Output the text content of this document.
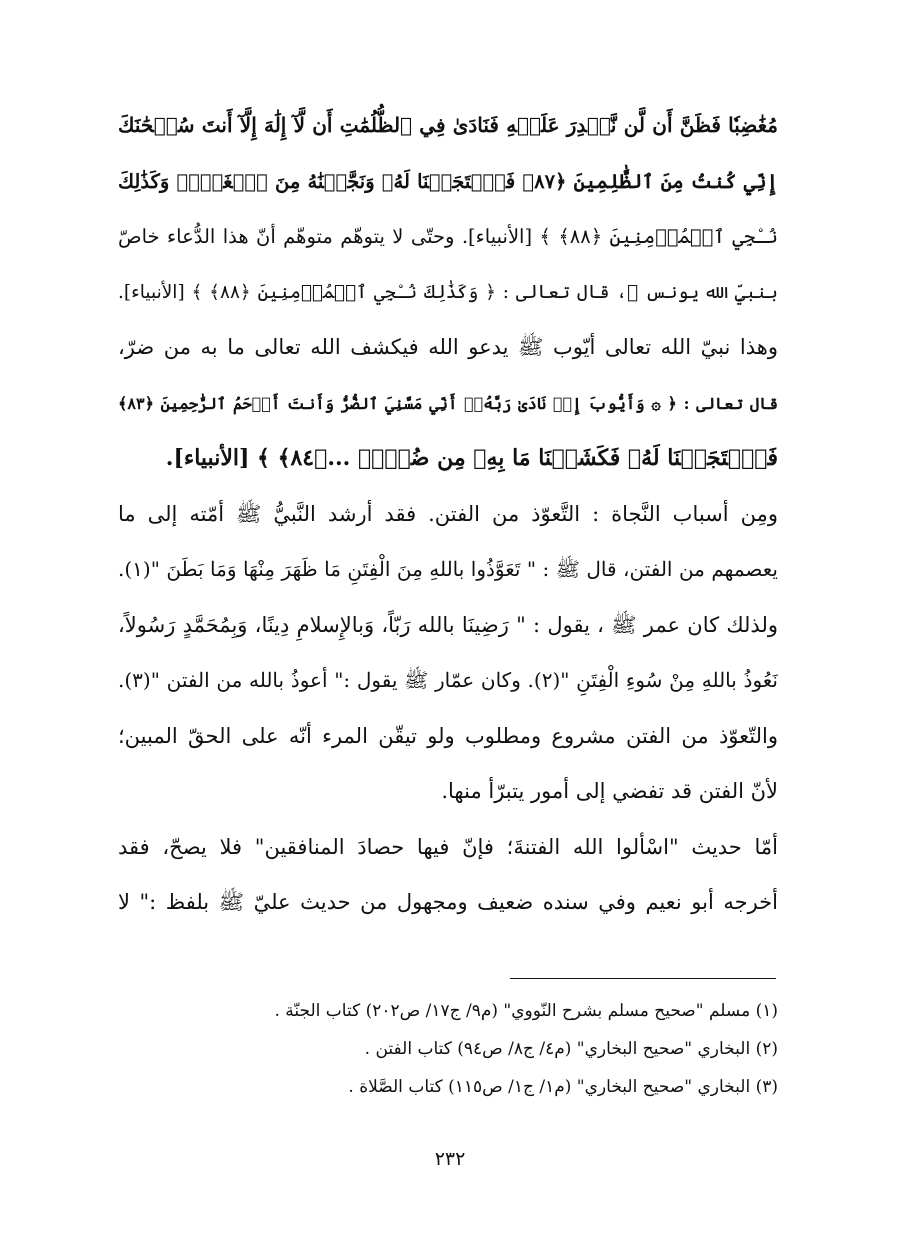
مُغَٰضِبٗا فَظَنَّ أَن لَّن نَّقۡدِرَ عَلَيۡهِ فَنَادَىٰ فِي ٱلظُّلُمَٰتِ أَن لَّآ إِلَٰهَ إِلَّآ أَنتَ سُبۡحَٰنَكَ
إِنِّي كُنتُ مِنَ ٱلظَّٰلِمِينَ ﴿٨٧﴾ فَٱسۡتَجَبۡنَا لَهُۥ وَنَجَّيۡنَٰهُ مِنَ ٱلۡغَمِّۚ وَكَذَٰلِكَ
نُـۨجِي ٱلۡمُؤۡمِنِينَ ﴿٨٨﴾ ﴾ [الأنبياء]. وحتّى لا يتوهّم متوهّم أنّ هذا الدُّعاء خاصّ
بنبيِّ الله يونس ﷺ، قال تعالى : ﴿ وَكَذَٰلِكَ نُـۨجِي ٱلۡمُؤۡمِنِينَ ﴿٨٨﴾ ﴾ [الأنبياء].
وهذا نبيّ الله تعالى أيّوب ﷺ يدعو الله فيكشف الله تعالى ما به من ضرّ،
قال تعالى : ﴿ ۞ وَأَيُّوبَ إِذۡ نَادَىٰ رَبَّهُۥٓ أَنِّي مَسَّنِيَ ٱلضُّرُّ وَأَنتَ أَرۡحَمُ ٱلرَّٰحِمِينَ ﴿٨٣﴾
فَٱسۡتَجَبۡنَا لَهُۥ فَكَشَفۡنَا مَا بِهِۦ مِن ضُرّٖۖ ...﴿٨٤﴾ ﴾ [الأنبياء].
ومِن أسباب النَّجاة : التَّعوّذ من الفتن. فقد أرشد النَّبيُّ ﷺ أمّته إلى ما
يعصمهم من الفتن، قال ﷺ : " تَعَوَّذُوا باللهِ مِنَ الْفِتَنِ مَا ظَهَرَ مِنْهَا وَمَا بَطَنَ "(١).
ولذلك كان عمر ﷺ ، يقول : " رَضِينَا بالله رَبّاً، وَبالإِسلامِ دِينًا، وَبِمُحَمَّدٍ رَسُولاً،
نَعُوذُ باللهِ مِنْ سُوءِ الْفِتَنِ "(٢). وكان عمّار ﷺ يقول :" أعوذُ بالله من الفتن "(٣).
والتّعوّذ من الفتن مشروع ومطلوب ولو تيقّن المرء أنّه على الحقّ المبين؛
لأنّ الفتن قد تفضي إلى أمور يتبرّأ منها.
أمّا حديث "اسْألوا الله الفتنةَ؛ فإنّ فيها حصادَ المنافقين" فلا يصحّ، فقد
أخرجه أبو نعيم وفي سنده ضعيف ومجهول من حديث عليّ ﷺ بلفظ :" لا
(١) مسلم "صحيح مسلم بشرح النّووي" (م٩/ ج١٧/ ص٢٠٢) كتاب الجنّة .
(٢) البخاري "صحيح البخاري" (م٤/ ج٨/ ص٩٤) كتاب الفتن .
(٣) البخاري "صحيح البخاري" (م١/ ج١/ ص١١٥) كتاب الصَّلاة .
٢٣٢
